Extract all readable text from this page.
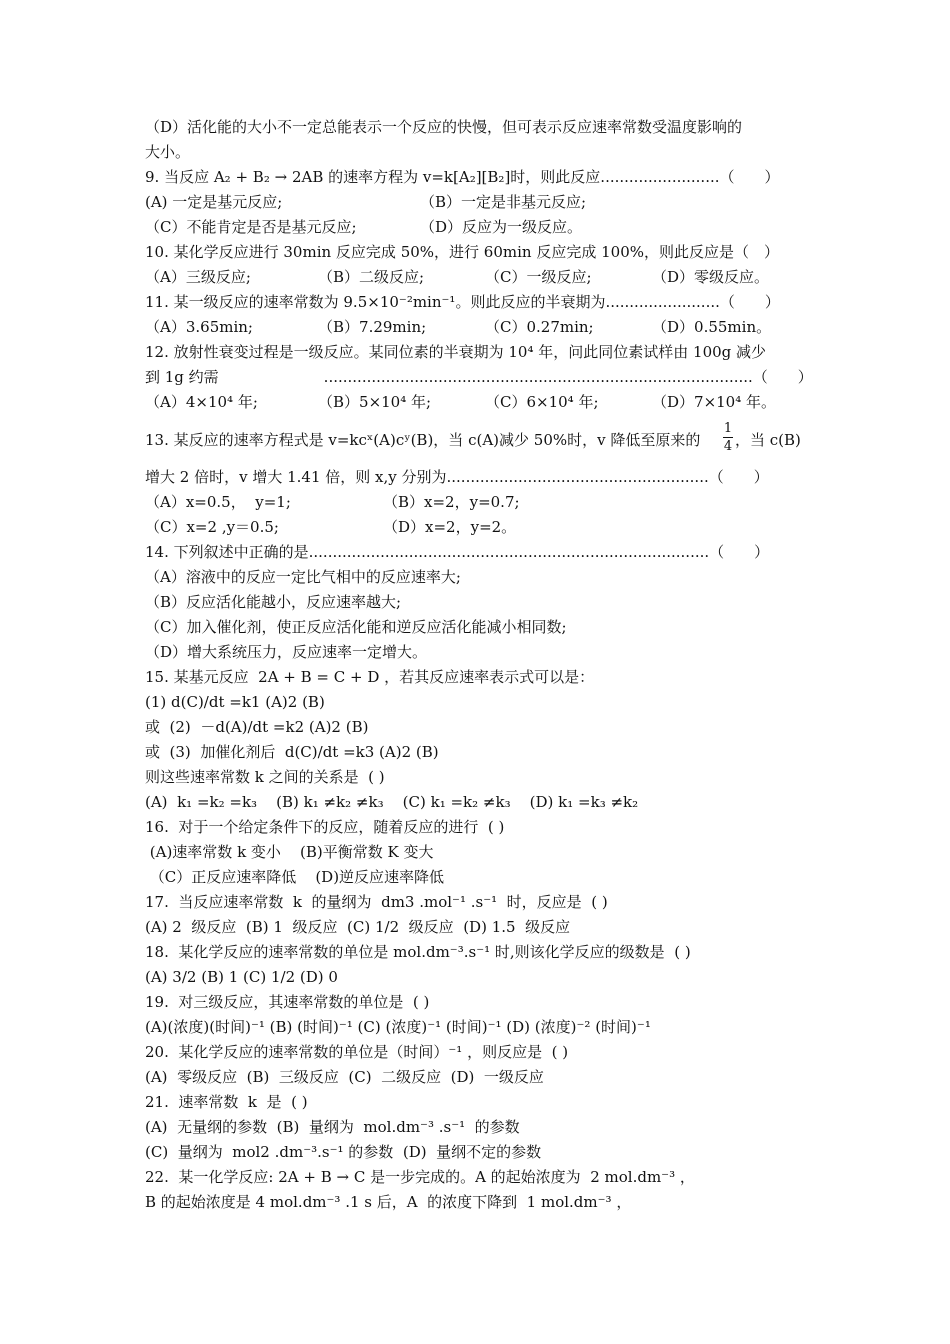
（D）活化能的大小不一定总能表示一个反应的快慢，但可表示反应速率常数受温度影响的
大小。
9. 当反应 A₂ + B₂ → 2AB 的速率方程为 v=k[A₂][B₂]时，则此反应.........................（　　）
(A) 一定是基元反应;	（B）一定是非基元反应;
（C）不能肯定是否是基元反应;	（D）反应为一级反应。
10. 某化学反应进行 30min 反应完成 50%，进行 60min 反应完成 100%，则此反应是（　）
（A）三级反应;	（B）二级反应;	（C）一级反应;	（D）零级反应。
11. 某一级反应的速率常数为 9.5×10⁻²min⁻¹。则此反应的半衰期为........................（　　）
（A）3.65min;	（B）7.29min;	（C）0.27min;	（D）0.55min。
12. 放射性衰变过程是一级反应。某同位素的半衰期为 10⁴ 年，问此同位素试样由 100g 减少
到 1g 约需　　　　　　　..........................................................................................（　　）
（A）4×10⁴ 年;	（B）5×10⁴ 年;	（C）6×10⁴ 年;	（D）7×10⁴ 年。
13. 某反应的速率方程式是 v=kcˣ(A)cʸ(B)，当 c(A)减少 50%时，v 降低至原来的
1
4 ，当 c(B)
增大 2 倍时，v 增大 1.41 倍，则 x,y 分别为.......................................................（　　）
（A）x=0.5，  y=1;	（B）x=2，y=0.7;
（C）x=2 ,y＝0.5;	（D）x=2，y=2。
14. 下列叙述中正确的是....................................................................................（　　）
（A）溶液中的反应一定比气相中的反应速率大;
（B）反应活化能越小，反应速率越大;
（C）加入催化剂，使正反应活化能和逆反应活化能减小相同数;
（D）增大系统压力，反应速率一定增大。
15. 某基元反应  2A + B = C + D ，若其反应速率表示式可以是：
(1) d(C)/dt =k1 (A)2 (B)
或  (2)  －d(A)/dt =k2 (A)2 (B)
或  (3)  加催化剂后  d(C)/dt =k3 (A)2 (B)
则这些速率常数 k 之间的关系是  ( )
(A)  k₁ =k₂ =k₃    (B) k₁ ≠k₂ ≠k₃    (C) k₁ =k₂ ≠k₃    (D) k₁ =k₃ ≠k₂
16.  对于一个给定条件下的反应，随着反应的进行  ( )
(A)速率常数 k 变小    (B)平衡常数 K 变大
（C）正反应速率降低    (D)逆反应速率降低
17.  当反应速率常数  k  的量纲为  dm3 .mol⁻¹ .s⁻¹  时，反应是  ( )
(A) 2  级反应  (B) 1  级反应  (C) 1/2  级反应  (D) 1.5  级反应
18.  某化学反应的速率常数的单位是 mol.dm⁻³.s⁻¹ 时,则该化学反应的级数是  ( )
(A) 3/2 (B) 1 (C) 1/2 (D) 0
19.  对三级反应，其速率常数的单位是  ( )
(A)(浓度)(时间)⁻¹ (B) (时间)⁻¹ (C) (浓度)⁻¹ (时间)⁻¹ (D) (浓度)⁻² (时间)⁻¹
20.  某化学反应的速率常数的单位是（时间）⁻¹ ，则反应是  ( )
(A)  零级反应  (B)  三级反应  (C)  二级反应  (D)  一级反应
21.  速率常数  k  是  ( )
(A)  无量纲的参数  (B)  量纲为  mol.dm⁻³ .s⁻¹  的参数
(C)  量纲为  mol2 .dm⁻³.s⁻¹ 的参数  (D)  量纲不定的参数
22.  某一化学反应: 2A + B → C 是一步完成的。A 的起始浓度为  2 mol.dm⁻³ ，
B 的起始浓度是 4 mol.dm⁻³ .1 s 后，A  的浓度下降到  1 mol.dm⁻³ ，
